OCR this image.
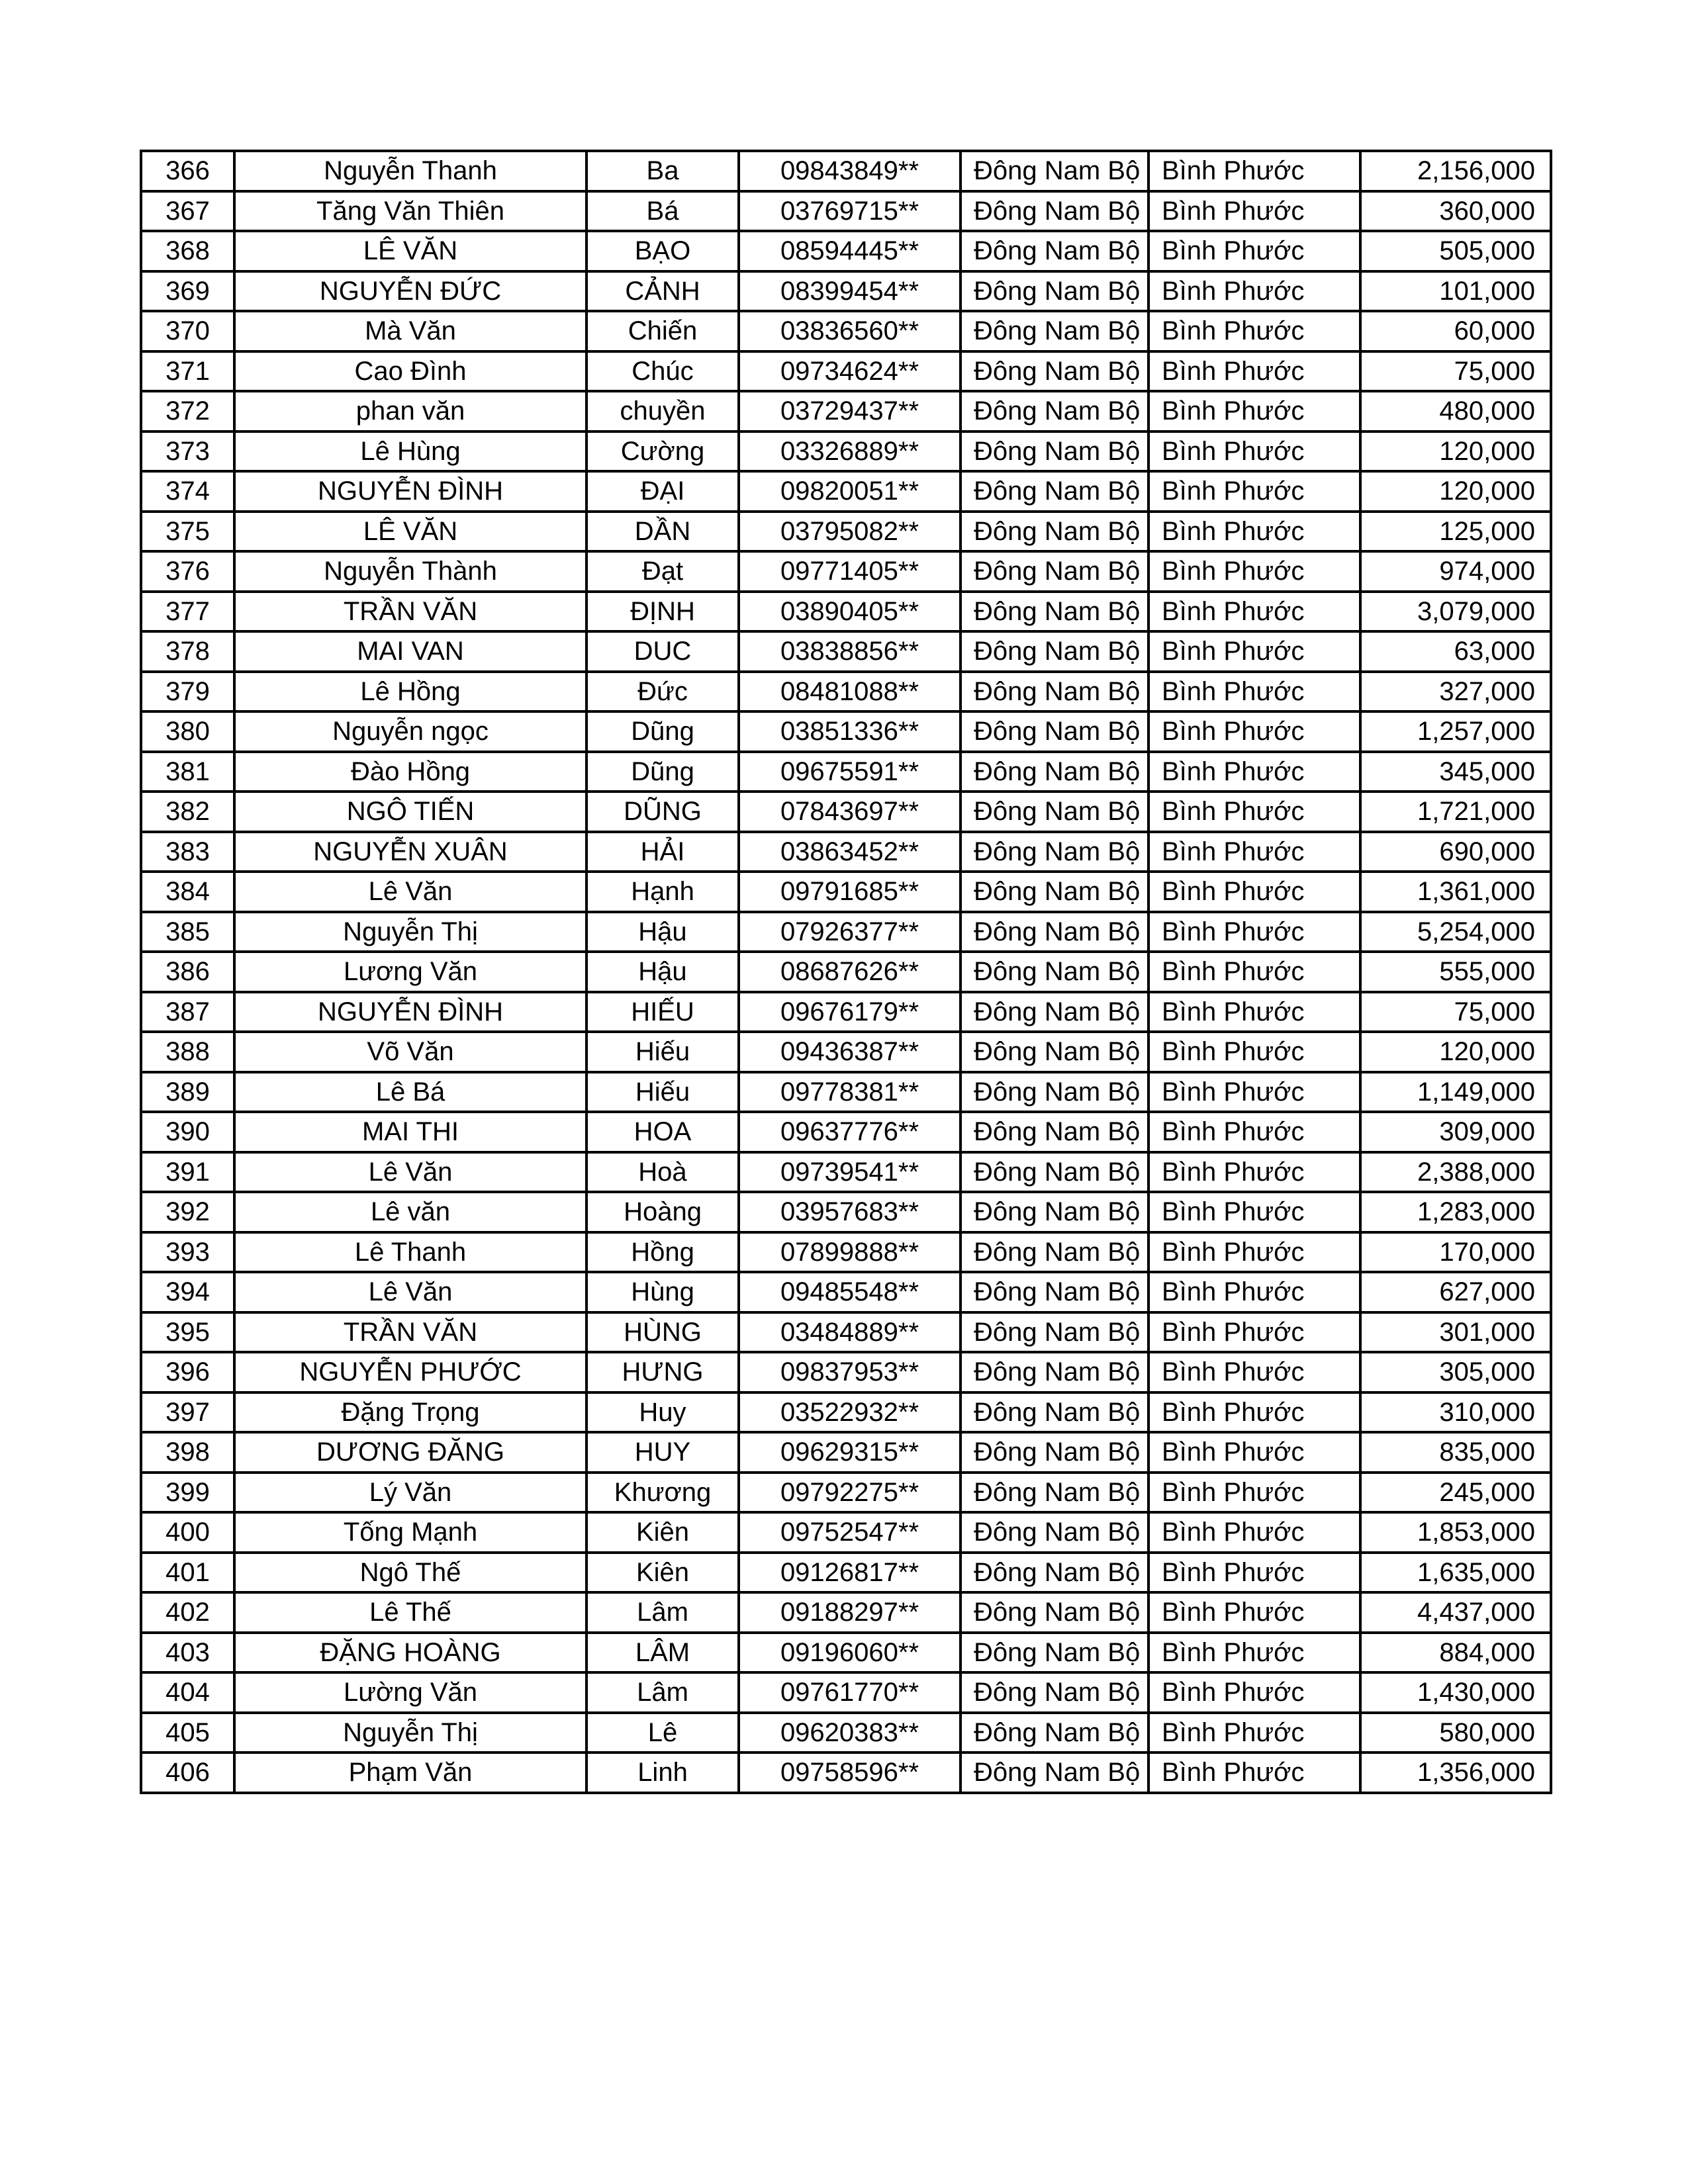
366	Nguyễn Thanh	Ba	09843849**	Đông Nam Bộ	Bình Phước	2,156,000
367	Tăng Văn Thiên	Bá	03769715**	Đông Nam Bộ	Bình Phước	360,000
368	LÊ VĂN	BẠO	08594445**	Đông Nam Bộ	Bình Phước	505,000
369	NGUYỄN ĐỨC	CẢNH	08399454**	Đông Nam Bộ	Bình Phước	101,000
370	Mà Văn	Chiến	03836560**	Đông Nam Bộ	Bình Phước	60,000
371	Cao Đình	Chúc	09734624**	Đông Nam Bộ	Bình Phước	75,000
372	phan văn	chuyền	03729437**	Đông Nam Bộ	Bình Phước	480,000
373	Lê Hùng	Cường	03326889**	Đông Nam Bộ	Bình Phước	120,000
374	NGUYỄN ĐÌNH	ĐẠI	09820051**	Đông Nam Bộ	Bình Phước	120,000
375	LÊ VĂN	DẦN	03795082**	Đông Nam Bộ	Bình Phước	125,000
376	Nguyễn Thành	Đạt	09771405**	Đông Nam Bộ	Bình Phước	974,000
377	TRẦN VĂN	ĐỊNH	03890405**	Đông Nam Bộ	Bình Phước	3,079,000
378	MAI VAN	DUC	03838856**	Đông Nam Bộ	Bình Phước	63,000
379	Lê Hồng	Đức	08481088**	Đông Nam Bộ	Bình Phước	327,000
380	Nguyễn ngọc	Dũng	03851336**	Đông Nam Bộ	Bình Phước	1,257,000
381	Đào Hồng	Dũng	09675591**	Đông Nam Bộ	Bình Phước	345,000
382	NGÔ TIẾN	DŨNG	07843697**	Đông Nam Bộ	Bình Phước	1,721,000
383	NGUYỄN XUÂN	HẢI	03863452**	Đông Nam Bộ	Bình Phước	690,000
384	Lê Văn	Hạnh	09791685**	Đông Nam Bộ	Bình Phước	1,361,000
385	Nguyễn Thị	Hậu	07926377**	Đông Nam Bộ	Bình Phước	5,254,000
386	Lương Văn	Hậu	08687626**	Đông Nam Bộ	Bình Phước	555,000
387	NGUYỄN ĐÌNH	HIẾU	09676179**	Đông Nam Bộ	Bình Phước	75,000
388	Võ Văn	Hiếu	09436387**	Đông Nam Bộ	Bình Phước	120,000
389	Lê Bá	Hiếu	09778381**	Đông Nam Bộ	Bình Phước	1,149,000
390	MAI THI	HOA	09637776**	Đông Nam Bộ	Bình Phước	309,000
391	Lê Văn	Hoà	09739541**	Đông Nam Bộ	Bình Phước	2,388,000
392	Lê văn	Hoàng	03957683**	Đông Nam Bộ	Bình Phước	1,283,000
393	Lê Thanh	Hồng	07899888**	Đông Nam Bộ	Bình Phước	170,000
394	Lê Văn	Hùng	09485548**	Đông Nam Bộ	Bình Phước	627,000
395	TRẦN VĂN	HÙNG	03484889**	Đông Nam Bộ	Bình Phước	301,000
396	NGUYỄN PHƯỚC	HƯNG	09837953**	Đông Nam Bộ	Bình Phước	305,000
397	Đặng Trọng	Huy	03522932**	Đông Nam Bộ	Bình Phước	310,000
398	DƯƠNG ĐĂNG	HUY	09629315**	Đông Nam Bộ	Bình Phước	835,000
399	Lý Văn	Khương	09792275**	Đông Nam Bộ	Bình Phước	245,000
400	Tống Mạnh	Kiên	09752547**	Đông Nam Bộ	Bình Phước	1,853,000
401	Ngô Thế	Kiên	09126817**	Đông Nam Bộ	Bình Phước	1,635,000
402	Lê Thế	Lâm	09188297**	Đông Nam Bộ	Bình Phước	4,437,000
403	ĐẶNG HOÀNG	LÂM	09196060**	Đông Nam Bộ	Bình Phước	884,000
404	Lường Văn	Lâm	09761770**	Đông Nam Bộ	Bình Phước	1,430,000
405	Nguyễn Thị	Lê	09620383**	Đông Nam Bộ	Bình Phước	580,000
406	Phạm Văn	Linh	09758596**	Đông Nam Bộ	Bình Phước	1,356,000
